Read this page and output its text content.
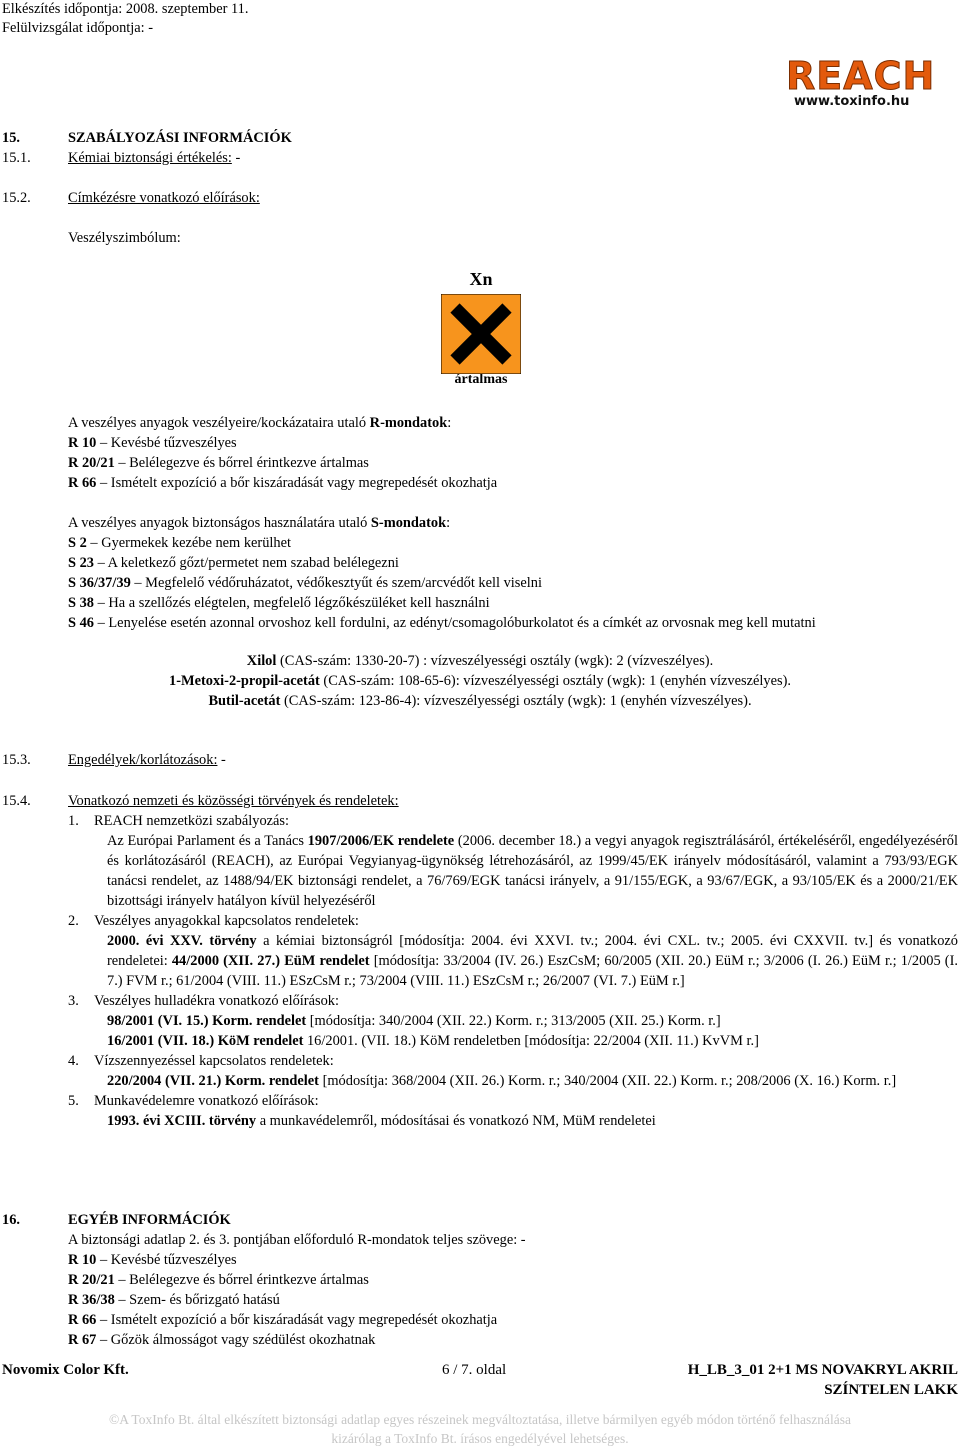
Elkészítés időpontja: 2008. szeptember 11.
Felülvizsgálat időpontja: -
REACH
www.toxinfo.hu
15.	SZABÁLYOZÁSI INFORMÁCIÓK
15.1.	Kémiai biztonsági értékelés: -
15.2.	Címkézésre vonatkozó előírások:
Veszélyszimbólum:
Xn
ártalmas
A veszélyes anyagok veszélyeire/kockázataira utaló R-mondatok:
R 10 – Kevésbé tűzveszélyes
R 20/21 – Belélegezve és bőrrel érintkezve ártalmas
R 66 – Ismételt expozíció a bőr kiszáradását vagy megrepedését okozhatja
A veszélyes anyagok biztonságos használatára utaló S-mondatok:
S 2 – Gyermekek kezébe nem kerülhet
S 23 – A keletkező gőzt/permetet nem szabad belélegezni
S 36/37/39 – Megfelelő védőruházatot, védőkesztyűt és szem/arcvédőt kell viselni
S 38 – Ha a szellőzés elégtelen, megfelelő légzőkészüléket kell használni
S 46 – Lenyelése esetén azonnal orvoshoz kell fordulni, az edényt/csomagolóburkolatot és a címkét az orvosnak meg kell mutatni
Xilol (CAS-szám: 1330-20-7) : vízveszélyességi osztály (wgk): 2 (vízveszélyes).
1-Metoxi-2-propil-acetát (CAS-szám: 108-65-6): vízveszélyességi osztály (wgk): 1 (enyhén vízveszélyes).
Butil-acetát (CAS-szám: 123-86-4): vízveszélyességi osztály (wgk): 1 (enyhén vízveszélyes).
15.3.	Engedélyek/korlátozások: -
15.4.	Vonatkozó nemzeti és közösségi törvények és rendeletek:
1. REACH nemzetközi szabályozás:
Az Európai Parlament és a Tanács 1907/2006/EK rendelete (2006. december 18.) a vegyi anyagok regisztrálásáról, értékeléséről, engedélyezéséről és korlátozásáról (REACH), az Európai Vegyianyag-ügynökség létrehozásáról, az 1999/45/EK irányelv módosításáról, valamint a 793/93/EGK tanácsi rendelet, az 1488/94/EK biztonsági rendelet, a 76/769/EGK tanácsi irányelv, a 91/155/EGK, a 93/67/EGK, a 93/105/EK és a 2000/21/EK bizottsági irányelv hatályon kívül helyezéséről
2. Veszélyes anyagokkal kapcsolatos rendeletek:
2000. évi XXV. törvény a kémiai biztonságról [módosítja: 2004. évi XXVI. tv.; 2004. évi CXL. tv.; 2005. évi CXXVII. tv.] és vonatkozó rendeletei: 44/2000 (XII. 27.) EüM rendelet [módosítja: 33/2004 (IV. 26.) EszCsM; 60/2005 (XII. 20.) EüM r.; 3/2006 (I. 26.) EüM r.; 1/2005 (I. 7.) FVM r.; 61/2004 (VIII. 11.) ESzCsM r.; 73/2004 (VIII. 11.) ESzCsM r.; 26/2007 (VI. 7.) EüM r.]
3. Veszélyes hulladékra vonatkozó előírások:
98/2001 (VI. 15.) Korm. rendelet [módosítja: 340/2004 (XII. 22.) Korm. r.; 313/2005 (XII. 25.) Korm. r.]
16/2001 (VII. 18.) KöM rendelet 16/2001. (VII. 18.) KöM rendeletben [módosítja: 22/2004 (XII. 11.) KvVM r.]
4. Vízszennyezéssel kapcsolatos rendeletek:
220/2004 (VII. 21.) Korm. rendelet [módosítja: 368/2004 (XII. 26.) Korm. r.; 340/2004 (XII. 22.) Korm. r.; 208/2006 (X. 16.) Korm. r.]
5. Munkavédelemre vonatkozó előírások:
1993. évi XCIII. törvény a munkavédelemről, módosításai és vonatkozó NM, MüM rendeletei
16.	EGYÉB INFORMÁCIÓK
A biztonsági adatlap 2. és 3. pontjában előforduló R-mondatok teljes szövege: -
R 10 – Kevésbé tűzveszélyes
R 20/21 – Belélegezve és bőrrel érintkezve ártalmas
R 36/38 – Szem- és bőrizgató hatású
R 66 – Ismételt expozíció a bőr kiszáradását vagy megrepedését okozhatja
R 67 – Gőzök álmosságot vagy szédülést okozhatnak
Novomix Color Kft.	6 / 7. oldal	H_LB_3_01 2+1 MS NOVAKRYL AKRIL
SZÍNTELEN LAKK
©A ToxInfo Bt. által elkészített biztonsági adatlap egyes részeinek megváltoztatása, illetve bármilyen egyéb módon történő felhasználása
kizárólag a ToxInfo Bt. írásos engedélyével lehetséges.
